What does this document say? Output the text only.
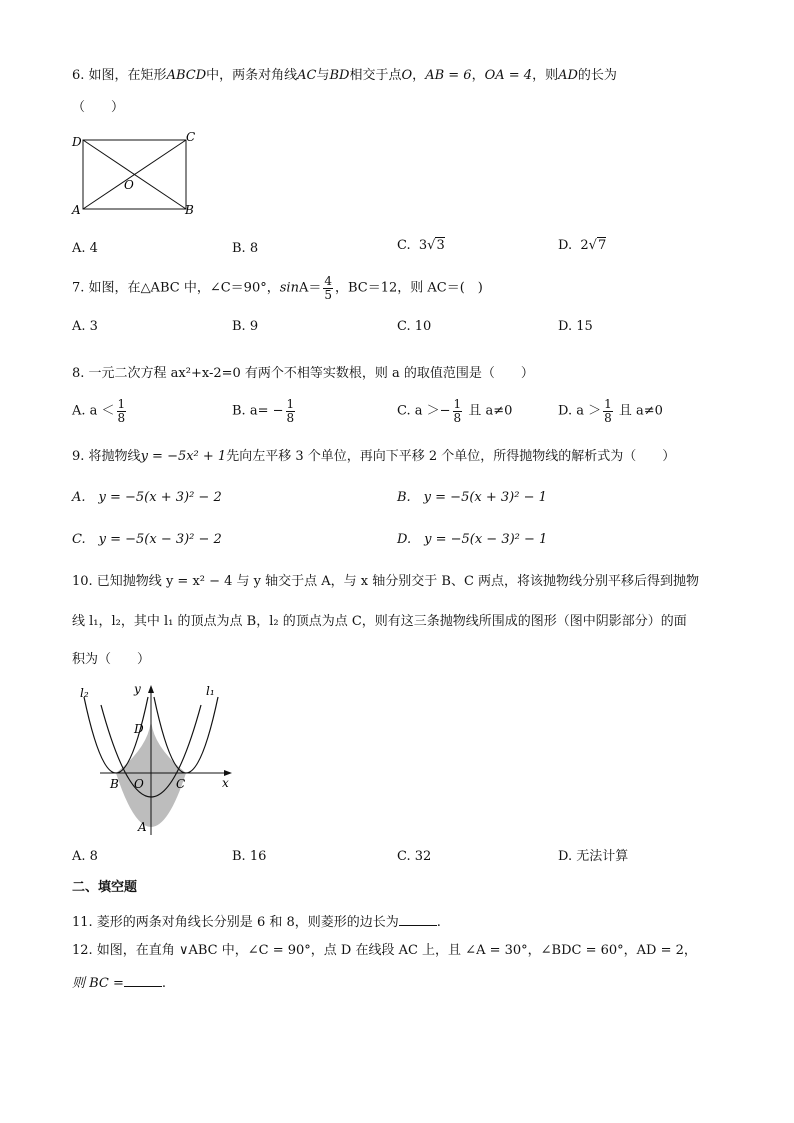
6. 如图，在矩形ABCD中，两条对角线AC与BD相交于点O，AB = 6，OA = 4，则AD的长为
（　　）
D	C
O
A	B
A. 4	B. 8	C. 3√3	D. 2√7
7. 如图，在△ABC 中，∠C＝90°，$\sin A= \frac{4}{5}$ ，BC＝12，则 AC＝(　)
A. 3	B. 9	C. 10	D. 15
8. 一元二次方程 ax²+x-2=0 有两个不相等实数根，则 a 的取值范围是（　　）
A. $a < \frac{1}{8}$	B. $a= - \frac{1}{8}$	C. $a >- \frac{1}{8}$ 且 a≠0	D. $a > \frac{1}{8}$ 且 a≠0
9. 将抛物线y = −5x² + 1先向左平移 3 个单位，再向下平移 2 个单位，所得抛物线的解析式为（　　）
A.　y = −5(x + 3)² − 2	B.　y = −5(x + 3)² − 1
C.　y = −5(x − 3)² − 2	D.　y = −5(x − 3)² − 1
10. 已知抛物线 y = x² − 4 与 y 轴交于点 A，与 x 轴分别交于 B、C 两点，将该抛物线分别平移后得到抛物
线 l₁，l₂，其中 l₁ 的顶点为点 B，l₂ 的顶点为点 C，则有这三条抛物线所围成的图形（图中阴影部分）的面
积为（　　）
l₂	l₁
y
x
D
B O	C
A
A. 8	B. 16	C. 32	D. 无法计算
二、填空题
11. 菱形的两条对角线长分别是 6 和 8，则菱形的边长为	.
12. 如图，在直角 ∨ABC 中，∠C = 90°，点 D 在线段 AC 上，且 ∠A = 30°，∠BDC = 60°，AD = 2，
则 BC =	.
